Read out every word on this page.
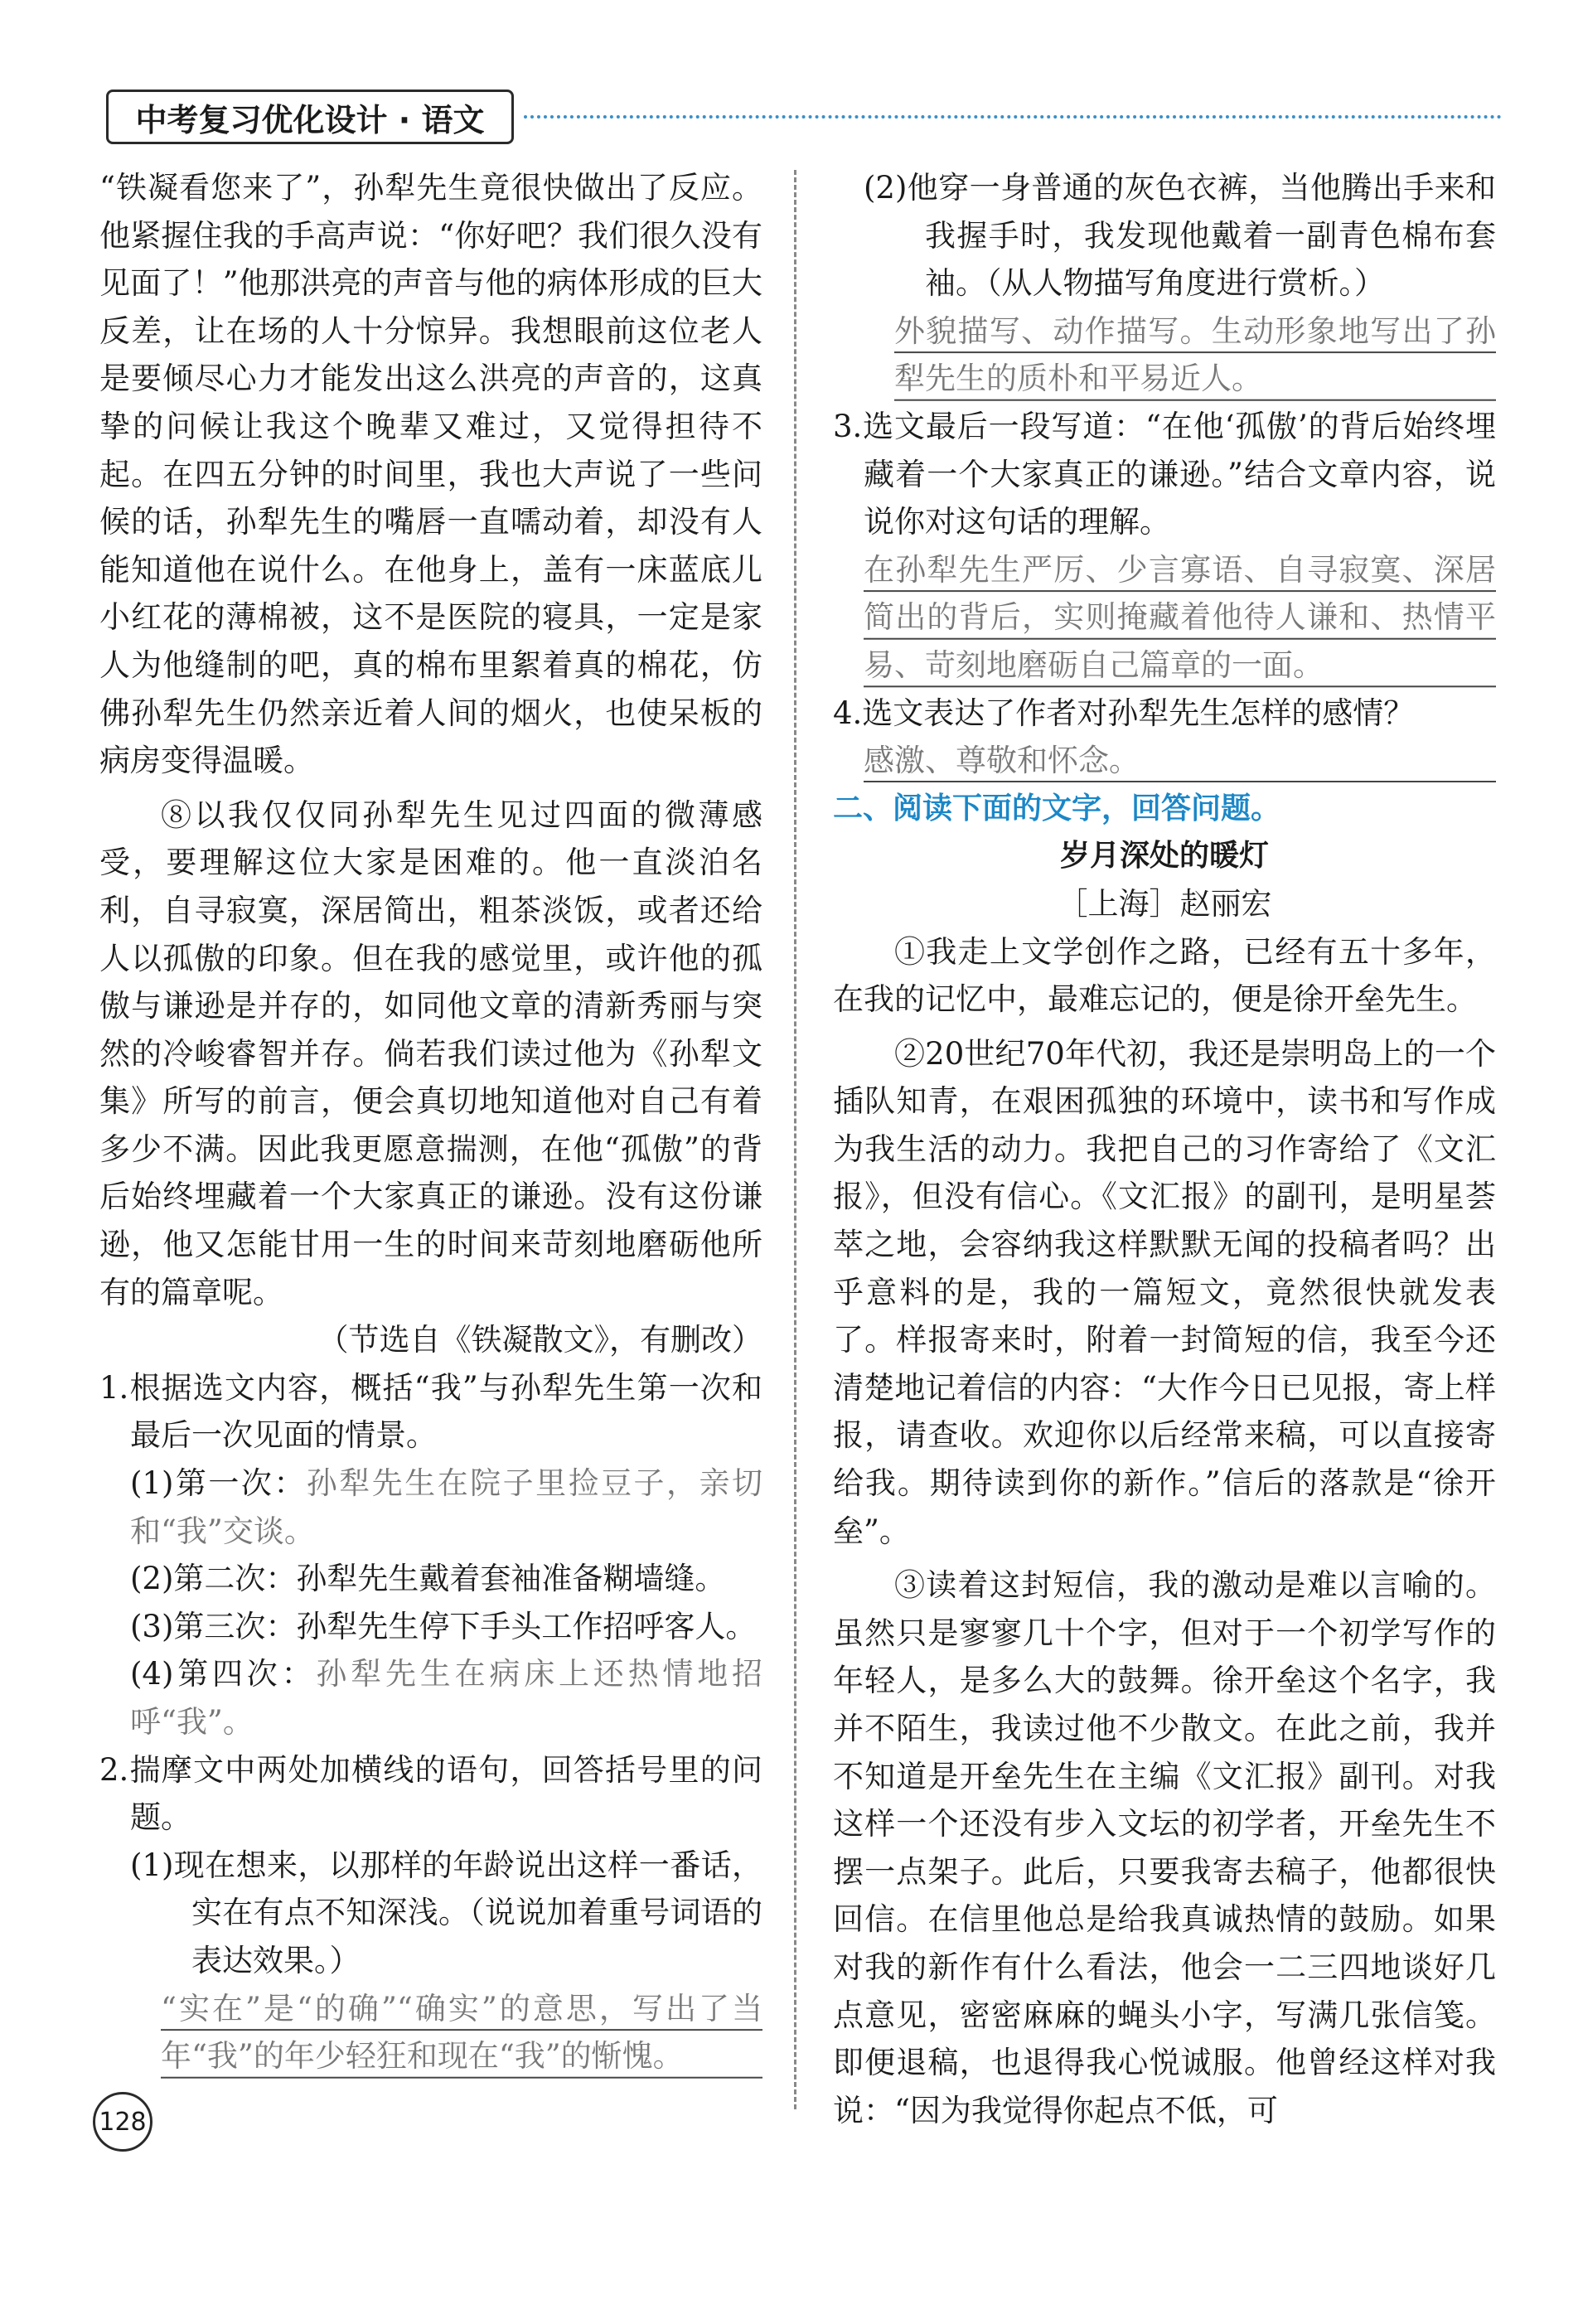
中考复习优化设计 · 语文

“铁凝看您来了”，孙犁先生竟很快做出了反应。他紧握住我的手高声说：“你好吧？我们很久没有见面了！”他那洪亮的声音与他的病体形成的巨大反差，让在场的人十分惊异。我想眼前这位老人是要倾尽心力才能发出这么洪亮的声音的，这真挚的问候让我这个晚辈又难过，又觉得担待不起。在四五分钟的时间里，我也大声说了一些问候的话，孙犁先生的嘴唇一直嚅动着，却没有人能知道他在说什么。在他身上，盖有一床蓝底儿小红花的薄棉被，这不是医院的寝具，一定是家人为他缝制的吧，真的棉布里絮着真的棉花，仿佛孙犁先生仍然亲近着人间的烟火，也使呆板的病房变得温暖。

⑧以我仅仅同孙犁先生见过四面的微薄感受，要理解这位大家是困难的。他一直淡泊名利，自寻寂寞，深居简出，粗茶淡饭，或者还给人以孤傲的印象。但在我的感觉里，或许他的孤傲与谦逊是并存的，如同他文章的清新秀丽与突然的冷峻睿智并存。倘若我们读过他为《孙犁文集》所写的前言，便会真切地知道他对自己有着多少不满。因此我更愿意揣测，在他“孤傲”的背后始终埋藏着一个大家真正的谦逊。没有这份谦逊，他又怎能甘用一生的时间来苛刻地磨砺他所有的篇章呢。

（节选自《铁凝散文》，有删改）

1.根据选文内容，概括“我”与孙犁先生第一次和最后一次见面的情景。

(1)第一次：孙犁先生在院子里捡豆子，亲切和“我”交谈。

(2)第二次：孙犁先生戴着套袖准备糊墙缝。

(3)第三次：孙犁先生停下手头工作招呼客人。

(4)第四次：孙犁先生在病床上还热情地招呼“我”。

2.揣摩文中两处加横线的语句，回答括号里的问题。

(1)现在想来，以那样的年龄说出这样一番话，实在有点不知深浅。（说说加着重号词语的表达效果。）

“实在”是“的确”“确实”的意思，写出了当年“我”的年少轻狂和现在“我”的惭愧。

(2)他穿一身普通的灰色衣裤，当他腾出手来和我握手时，我发现他戴着一副青色棉布套袖。（从人物描写角度进行赏析。）

外貌描写、动作描写。生动形象地写出了孙犁先生的质朴和平易近人。

3.选文最后一段写道：“在他‘孤傲’的背后始终埋藏着一个大家真正的谦逊。”结合文章内容，说说你对这句话的理解。

在孙犁先生严厉、少言寡语、自寻寂寞、深居简出的背后，实则掩藏着他待人谦和、热情平易、苛刻地磨砺自己篇章的一面。

4.选文表达了作者对孙犁先生怎样的感情？

感激、尊敬和怀念。

二、阅读下面的文字，回答问题。

岁月深处的暖灯

［上海］赵丽宏

①我走上文学创作之路，已经有五十多年，在我的记忆中，最难忘记的，便是徐开垒先生。

②20世纪70年代初，我还是崇明岛上的一个插队知青，在艰困孤独的环境中，读书和写作成为我生活的动力。我把自己的习作寄给了《文汇报》，但没有信心。《文汇报》的副刊，是明星荟萃之地，会容纳我这样默默无闻的投稿者吗？出乎意料的是，我的一篇短文，竟然很快就发表了。样报寄来时，附着一封简短的信，我至今还清楚地记着信的内容：“大作今日已见报，寄上样报，请查收。欢迎你以后经常来稿，可以直接寄给我。期待读到你的新作。”信后的落款是“徐开垒”。

③读着这封短信，我的激动是难以言喻的。虽然只是寥寥几十个字，但对于一个初学写作的年轻人，是多么大的鼓舞。徐开垒这个名字，我并不陌生，我读过他不少散文。在此之前，我并不知道是开垒先生在主编《文汇报》副刊。对我这样一个还没有步入文坛的初学者，开垒先生不摆一点架子。此后，只要我寄去稿子，他都很快回信。在信里他总是给我真诚热情的鼓励。如果对我的新作有什么看法，他会一二三四地谈好几点意见，密密麻麻的蝇头小字，写满几张信笺。即便退稿，也退得我心悦诚服。他曾经这样对我说：“因为我觉得你起点不低，可

128
